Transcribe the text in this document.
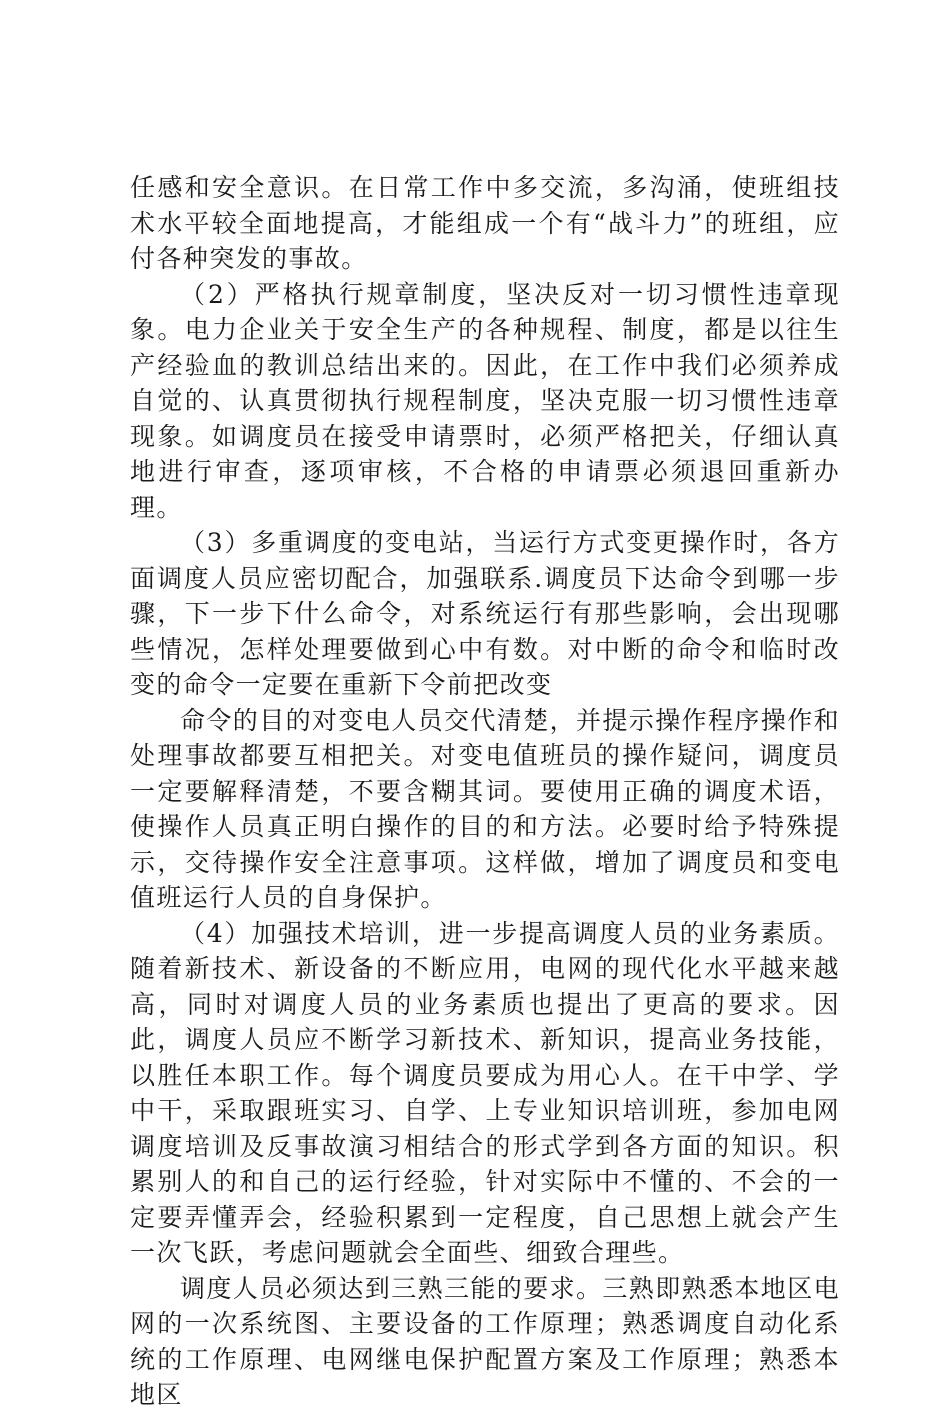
任感和安全意识。在日常工作中多交流，多沟涌，使班组技术水平较全面地提高，才能组成一个有“战斗力”的班组，应付各种突发的事故。

（2）严格执行规章制度，坚决反对一切习惯性违章现象。电力企业关于安全生产的各种规程、制度，都是以往生产经验血的教训总结出来的。因此，在工作中我们必须养成自觉的、认真贯彻执行规程制度，坚决克服一切习惯性违章现象。如调度员在接受申请票时，必须严格把关，仔细认真地进行审查，逐项审核，不合格的申请票必须退回重新办理。

（3）多重调度的变电站，当运行方式变更操作时，各方面调度人员应密切配合，加强联系.调度员下达命令到哪一步骤，下一步下什么命令，对系统运行有那些影响，会出现哪些情况，怎样处理要做到心中有数。对中断的命令和临时改变的命令一定要在重新下令前把改变

命令的目的对变电人员交代清楚，并提示操作程序操作和处理事故都要互相把关。对变电值班员的操作疑问，调度员一定要解释清楚，不要含糊其词。要使用正确的调度术语，使操作人员真正明白操作的目的和方法。必要时给予特殊提示，交待操作安全注意事项。这样做，增加了调度员和变电值班运行人员的自身保护。

（4）加强技术培训，进一步提高调度人员的业务素质。随着新技术、新设备的不断应用，电网的现代化水平越来越高，同时对调度人员的业务素质也提出了更高的要求。因此，调度人员应不断学习新技术、新知识，提高业务技能，以胜任本职工作。每个调度员要成为用心人。在干中学、学中干，采取跟班实习、自学、上专业知识培训班，参加电网调度培训及反事故演习相结合的形式学到各方面的知识。积累别人的和自己的运行经验，针对实际中不懂的、不会的一定要弄懂弄会，经验积累到一定程度，自己思想上就会产生一次飞跃，考虑问题就会全面些、细致合理些。

调度人员必须达到三熟三能的要求。三熟即熟悉本地区电网的一次系统图、主要设备的工作原理；熟悉调度自动化系统的工作原理、电网继电保护配置方案及工作原理；熟悉本地区
